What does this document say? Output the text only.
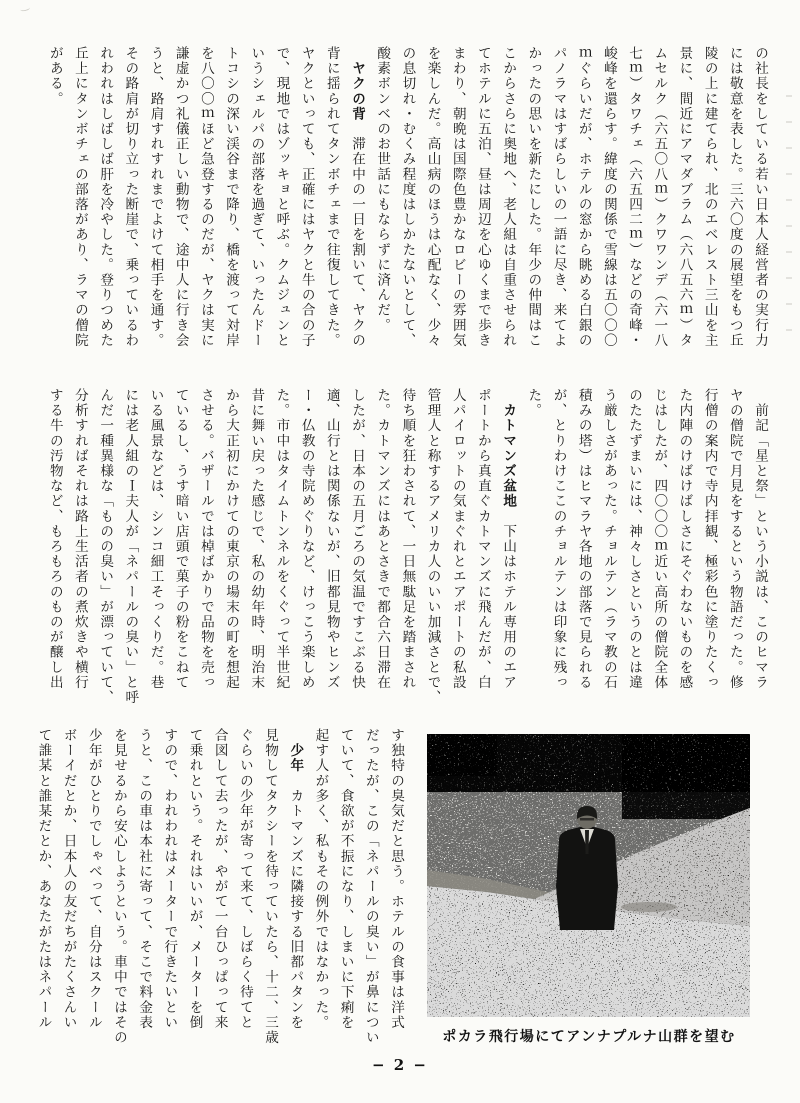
の社長をしている若い日本人経営者の実行力
には敬意を表した。三六〇度の展望をもつ丘
陵の上に建てられ、北のエベレスト三山を主
景に、間近にアマダブラム（六八五六ｍ）タ
ムセルク（六五〇八ｍ）クワワンデ（六一八
七ｍ）タワチェ（六五四二ｍ）などの奇峰・
峻峰を還らす。緯度の関係で雪線は五〇〇〇
ｍぐらいだが、ホテルの窓から眺める白銀の
パノラマはすばらしいの一語に尽き、来てよ
かったの思いを新たにした。年少の仲間はこ
こからさらに奥地へ、老人組は自重させられ
てホテルに五泊、昼は周辺を心ゆくまで歩き
まわり、朝晩は国際色豊かなロビーの雰囲気
を楽しんだ。高山病のほうは心配なく、少々
の息切れ・むくみ程度はしかたないとして、
酸素ボンベのお世話にもならずに済んだ。
　ヤクの背　滞在中の一日を割いて、ヤクの
背に揺られてタンボチェまで往復してきた。
ヤクといっても、正確にはヤクと牛の合の子
で、現地ではゾッキョと呼ぶ。クムジュンと
いうシェルパの部落を過ぎて、いったんドー
トコシの深い渓谷まで降り、橋を渡って対岸
を八〇〇ｍほど急登するのだが、ヤクは実に
謙虚かつ礼儀正しい動物で、途中人に行き会
うと、路肩すれすれまでよけて相手を通す。
その路肩が切り立った断崖で、乗っているわ
れわれはしばしば肝を冷やした。登りつめた
丘上にタンボチェの部落があり、ラマの僧院
がある。
　前記「星と祭」という小説は、このヒマラ
ヤの僧院で月見をするという物語だった。修
行僧の案内で寺内拝観、極彩色に塗りたくっ
た内陣のけばけばしさにそぐわないものを感
じはしたが、四〇〇〇ｍ近い高所の僧院全体
のたたずまいには、神々しさというのとは違
う厳しさがあった。チョルテン（ラマ教の石
積みの塔）はヒマラヤ各地の部落で見られる
が、とりわけここのチョルテンは印象に残っ
た。
　カトマンズ盆地　下山はホテル専用のエア
ポートから真直ぐカトマンズに飛んだが、白
人パイロットの気まぐれとエアポートの私設
管理人と称するアメリカ人のいい加減さとで、
待ち順を狂わされて、一日無駄足を踏まされ
た。カトマンズにはあとさきで都合六日滞在
したが、日本の五月ごろの気温ですこぶる快
適、山行とは関係ないが、旧都見物やヒンズ
ー・仏教の寺院めぐりなど、けっこう楽しめ
た。市中はタイムトンネルをくぐって半世紀
昔に舞い戻った感じで、私の幼年時、明治末
から大正初にかけての東京の場末の町を想起
させる。バザールでは棹ばかりで品物を売っ
ているし、うす暗い店頭で菓子の粉をこねて
いる風景などは、シンコ細工そっくりだ。巷
には老人組のＩ夫人が「ネパールの臭い」と呼
んだ一種異様な「ものの臭い」が漂っていて、
分析すればそれは路上生活者の煮炊きや横行
する牛の汚物など、もろもろのものが醸し出
す独特の臭気だと思う。ホテルの食事は洋式
だったが、この「ネパールの臭い」が鼻につい
ていて、食欲が不振になり、しまいに下痢を
起す人が多く、私もその例外ではなかった。
　少年　カトマンズに隣接する旧都パタンを
見物してタクシーを待っていたら、十二、三歳
ぐらいの少年が寄って来て、しばらく待てと
合図して去ったが、やがて一台ひっぱって来
て乗れという。それはいいが、メーターを倒
すので、われわれはメーターで行きたいとい
うと、この車は本社に寄って、そこで料金表
を見せるから安心しようという。車中ではその
少年がひとりでしゃべって、自分はスクール
ボーイだとか、日本人の友だちがたくさんい
て誰某と誰某だとか、あなたがたはネパール
ポカラ飛行場にてアンナプルナ山群を望む
− 2 −
